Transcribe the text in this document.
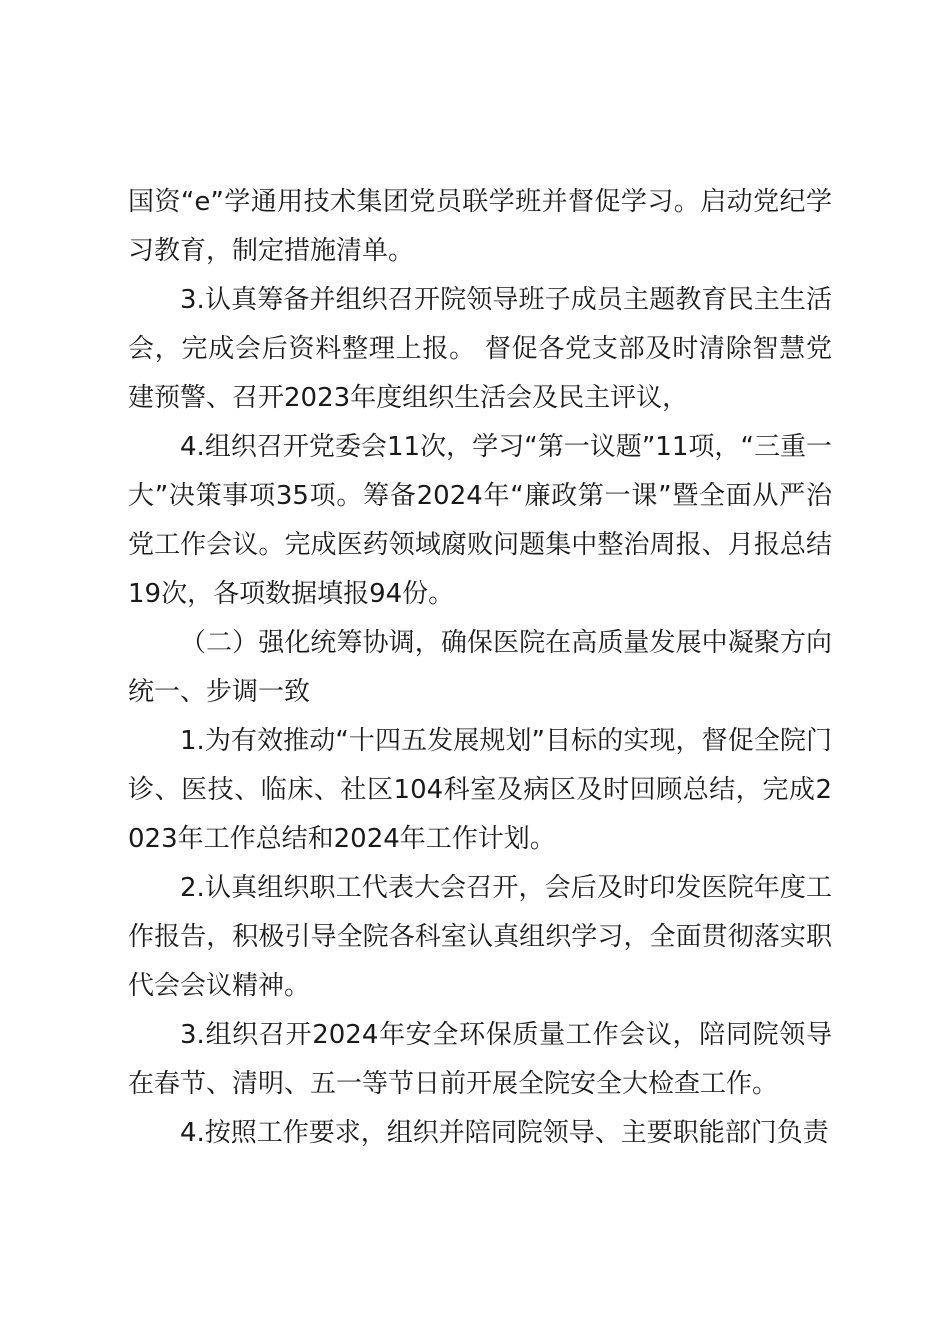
国资“e”学通用技术集团党员联学班并督促学习。启动党纪学习教育，制定措施清单。

3.认真筹备并组织召开院领导班子成员主题教育民主生活会，完成会后资料整理上报。 督促各党支部及时清除智慧党建预警、召开2023年度组织生活会及民主评议，

4.组织召开党委会11次，学习“第一议题”11项，“三重一大”决策事项35项。筹备2024年“廉政第一课”暨全面从严治党工作会议。完成医药领域腐败问题集中整治周报、月报总结19次，各项数据填报94份。

（二）强化统筹协调，确保医院在高质量发展中凝聚方向统一、步调一致

1.为有效推动“十四五发展规划”目标的实现，督促全院门诊、医技、临床、社区104科室及病区及时回顾总结，完成2023年工作总结和2024年工作计划。

2.认真组织职工代表大会召开，会后及时印发医院年度工作报告，积极引导全院各科室认真组织学习，全面贯彻落实职代会会议精神。

3.组织召开2024年安全环保质量工作会议，陪同院领导在春节、清明、五一等节日前开展全院安全大检查工作。

4.按照工作要求，组织并陪同院领导、主要职能部门负责
